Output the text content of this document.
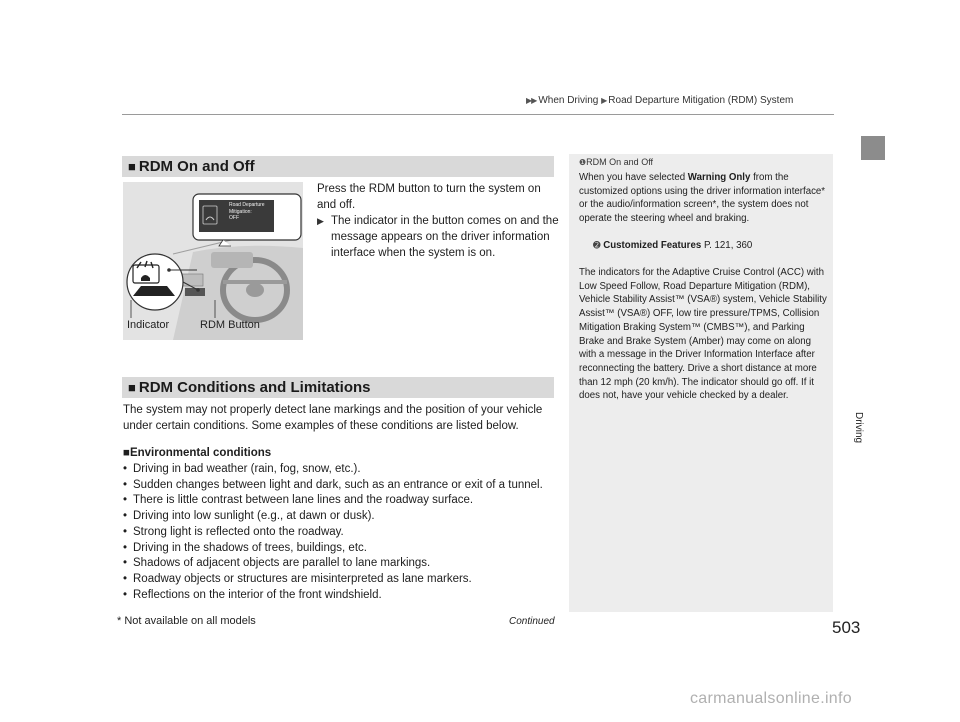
▶▶ When Driving ▶ Road Departure Mitigation (RDM) System
Driving
■ RDM On and Off
Road Departure
Mitigation:
OFF
Indicator	RDM Button
Press the RDM button to turn the system on and off.
▶ The indicator in the button comes on and the message appears on the driver information interface when the system is on.
■ RDM Conditions and Limitations
The system may not properly detect lane markings and the position of your vehicle under certain conditions. Some examples of these conditions are listed below.
■Environmental conditions
• Driving in bad weather (rain, fog, snow, etc.).
• Sudden changes between light and dark, such as an entrance or exit of a tunnel.
• There is little contrast between lane lines and the roadway surface.
• Driving into low sunlight (e.g., at dawn or dusk).
• Strong light is reflected onto the roadway.
• Driving in the shadows of trees, buildings, etc.
• Shadows of adjacent objects are parallel to lane markings.
• Roadway objects or structures are misinterpreted as lane markers.
• Reflections on the interior of the front windshield.
❶RDM On and Off
When you have selected Warning Only from the customized options using the driver information interface* or the audio/information screen*, the system does not operate the steering wheel and braking.
➋ Customized Features P. 121, 360
The indicators for the Adaptive Cruise Control (ACC) with Low Speed Follow, Road Departure Mitigation (RDM), Vehicle Stability Assist™ (VSA®) system, Vehicle Stability Assist™ (VSA®) OFF, low tire pressure/TPMS, Collision Mitigation Braking System™ (CMBS™), and Parking Brake and Brake System (Amber) may come on along with a message in the Driver Information Interface after reconnecting the battery. Drive a short distance at more than 12 mph (20 km/h). The indicator should go off. If it does not, have your vehicle checked by a dealer.
* Not available on all models	Continued	503
carmanualsonline.info
